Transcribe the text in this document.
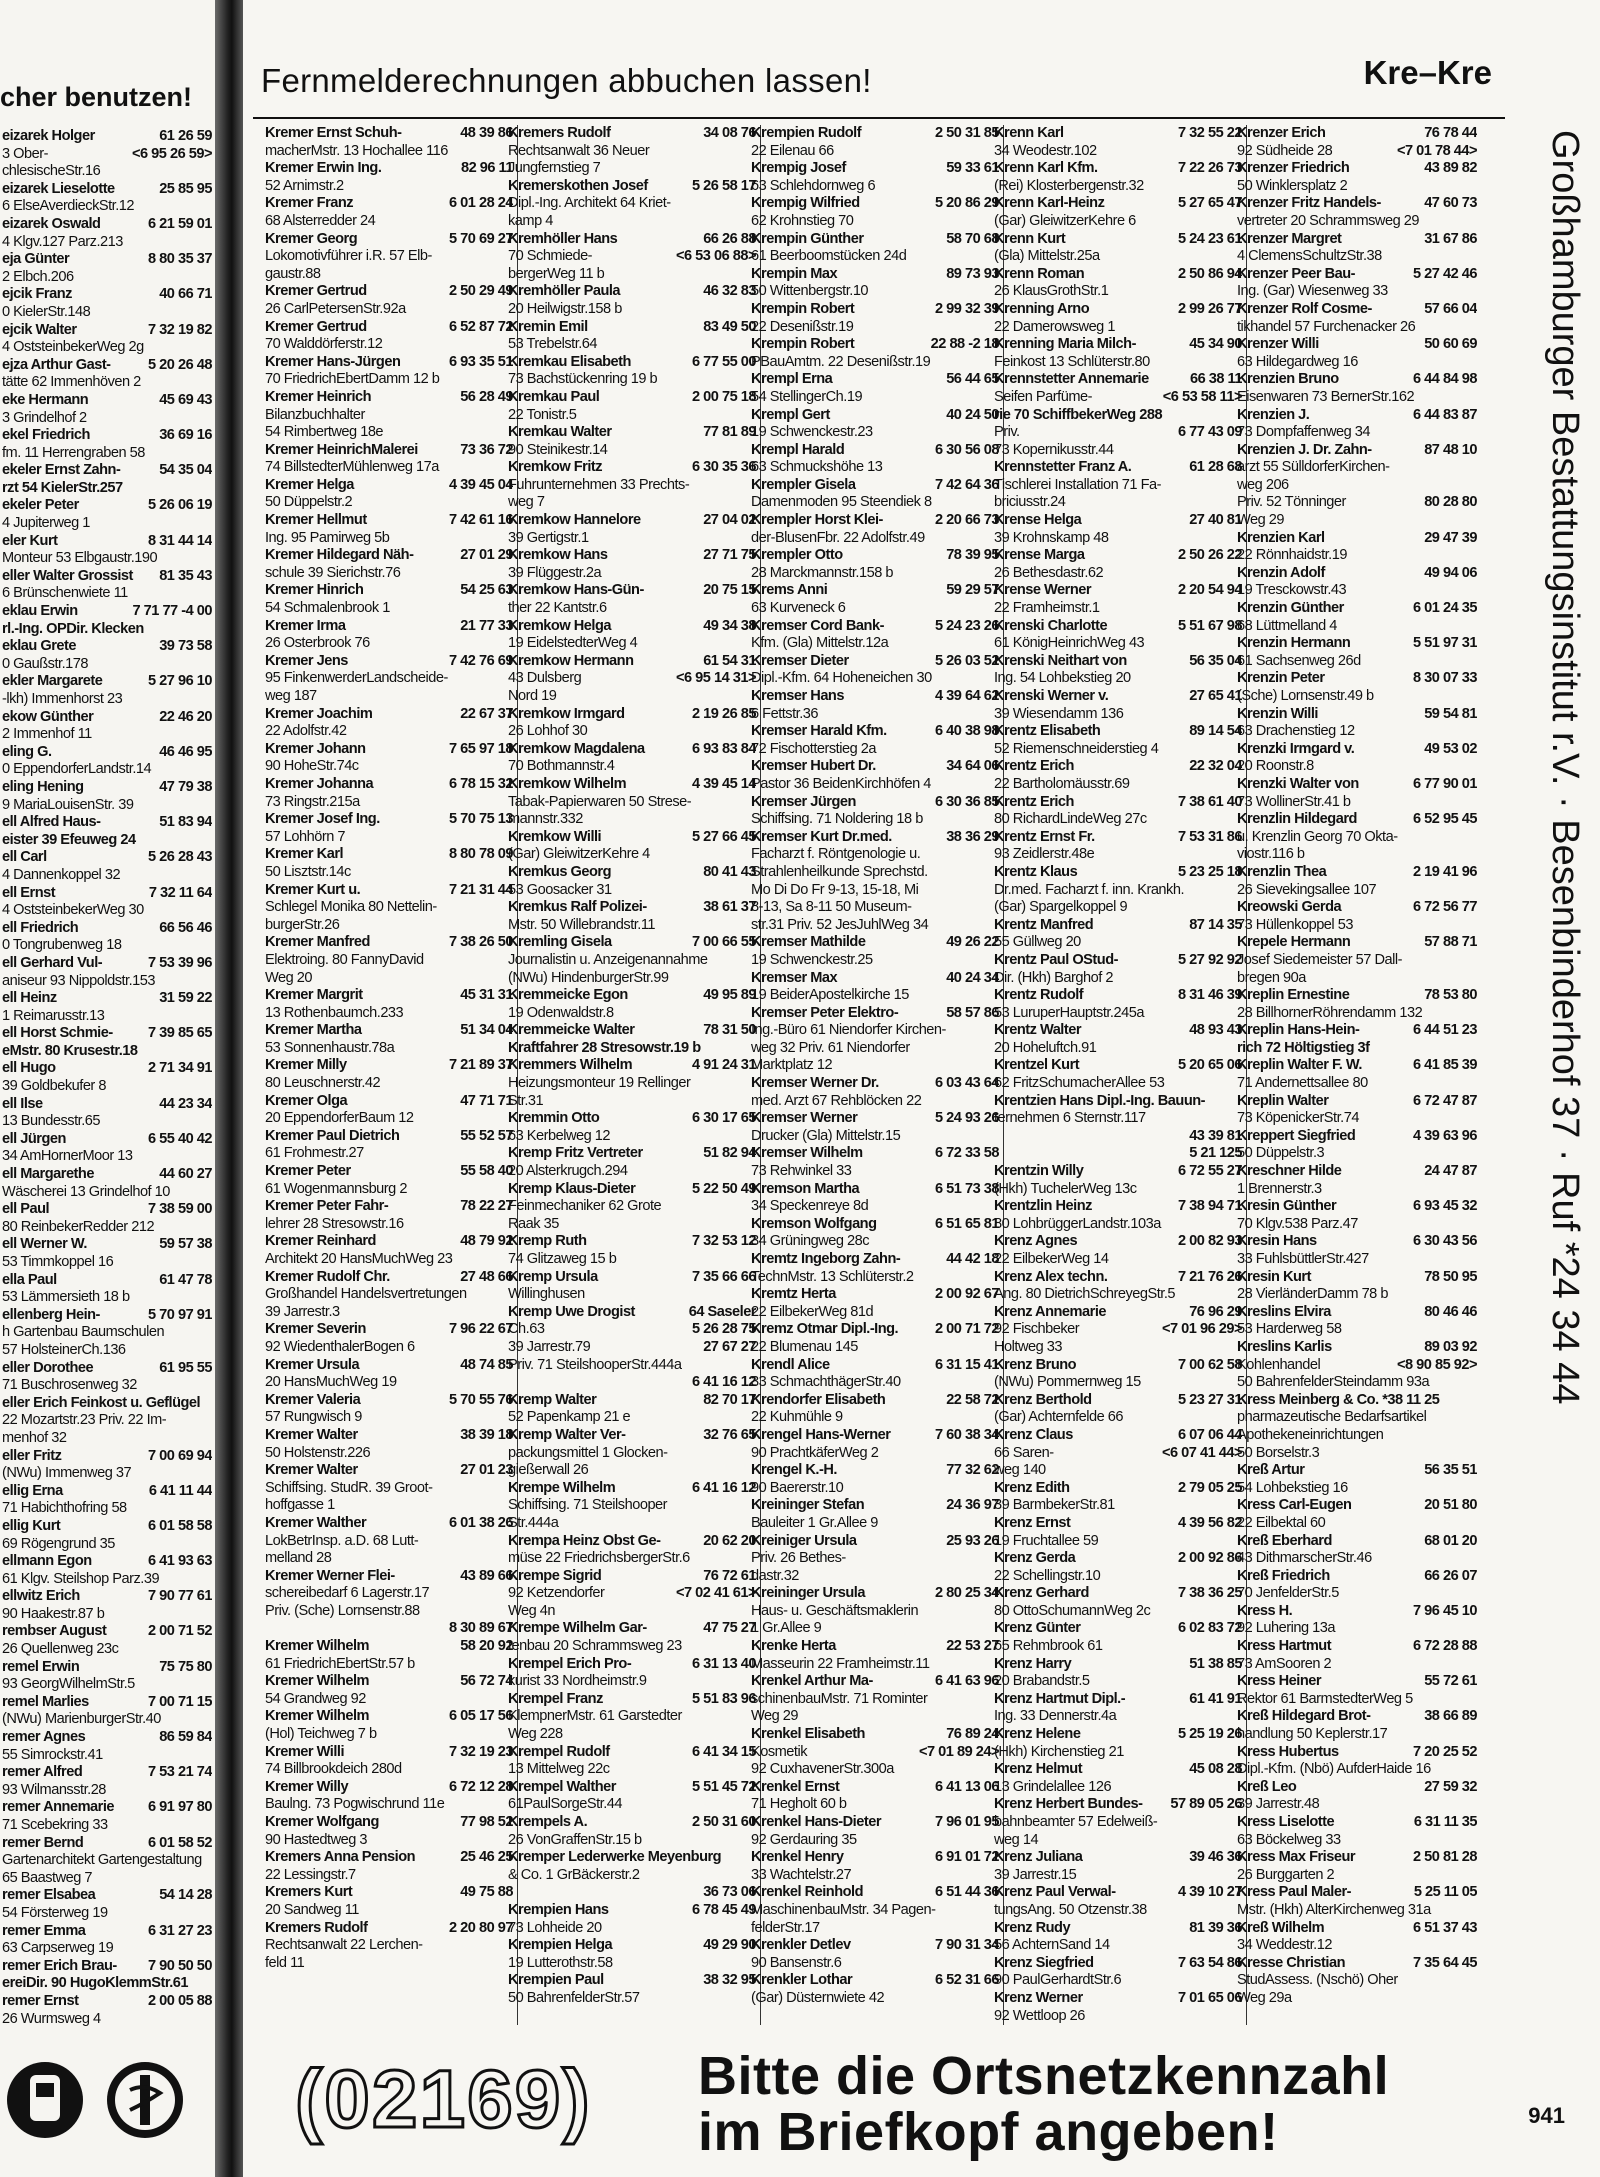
cher benutzen!
61 26 59
eizarek Holger
<6 95 26 59>
3 Ober-
chlesischeStr.16
25 85 95
eizarek Lieselotte
6 ElseAverdieckStr.12
6 21 59 01
eizarek Oswald
4 Klgv.127 Parz.213
8 80 35 37
eja Günter
2 Elbch.206
40 66 71
ejcik Franz
0 KielerStr.148
7 32 19 82
ejcik Walter
4 OststeinbekerWeg 2g
5 20 26 48
ejza Arthur Gast-
tätte 62 Immenhöven 2
45 69 43
eke Hermann
3 Grindelhof 2
36 69 16
ekel Friedrich
fm. 11 Herrengraben 58
54 35 04
ekeler Ernst Zahn-
rzt 54 KielerStr.257
5 26 06 19
ekeler Peter
4 Jupiterweg 1
8 31 44 14
eler Kurt
Monteur 53 Elbgaustr.190
81 35 43
eller Walter Grossist
6 Brünschenwiete 11
7 71 77 -4 00
eklau Erwin
rl.-Ing. OPDir. Klecken
39 73 58
eklau Grete
0 Gaußstr.178
5 27 96 10
ekler Margarete
-lkh) Immenhorst 23
22 46 20
ekow Günther
2 Immenhof 11
46 46 95
eling G.
0 EppendorferLandstr.14
47 79 38
eling Hening
9 MariaLouisenStr. 39
51 83 94
ell Alfred Haus-
eister 39 Efeuweg 24
5 26 28 43
ell Carl
4 Dannenkoppel 32
7 32 11 64
ell Ernst
4 OststeinbekerWeg 30
66 56 46
ell Friedrich
0 Tongrubenweg 18
7 53 39 96
ell Gerhard Vul-
aniseur 93 Nippoldstr.153
31 59 22
ell Heinz
1 Reimarusstr.13
7 39 85 65
ell Horst Schmie-
eMstr. 80 Krusestr.18
2 71 34 91
ell Hugo
39 Goldbekufer 8
44 23 34
ell Ilse
13 Bundesstr.65
6 55 40 42
ell Jürgen
34 AmHornerMoor 13
44 60 27
ell Margarethe
Wäscherei 13 Grindelhof 10
7 38 59 00
ell Paul
80 ReinbekerRedder 212
59 57 38
ell Werner W.
53 Timmkoppel 16
61 47 78
ella Paul
53 Lämmersieth 18 b
5 70 97 91
ellenberg Hein-
h Gartenbau Baumschulen
57 HolsteinerCh.136
61 95 55
eller Dorothee
71 Buschrosenweg 32
eller Erich Feinkost u. Geflügel
22 Mozartstr.23 Priv. 22 Im-
menhof 32
7 00 69 94
eller Fritz
(NWu) Immenweg 37
6 41 11 44
ellig Erna
71 Habichthofring 58
6 01 58 58
ellig Kurt
69 Rögengrund 35
6 41 93 63
ellmann Egon
61 Klgv. Steilshop Parz.39
7 90 77 61
ellwitz Erich
90 Haakestr.87 b
2 00 71 52
rembser August
26 Quellenweg 23c
75 75 80
remel Erwin
93 GeorgWilhelmStr.5
7 00 71 15
remel Marlies
(NWu) MarienburgerStr.40
86 59 84
remer Agnes
55 Simrockstr.41
7 53 21 74
remer Alfred
93 Wilmansstr.28
6 91 97 80
remer Annemarie
71 Scebekring 33
6 01 58 52
remer Bernd
Gartenarchitekt Gartengestaltung
65 Baastweg 7
54 14 28
remer Elsabea
54 Försterweg 19
6 31 27 23
remer Emma
63 Carpserweg 19
7 90 50 50
remer Erich Brau-
ereiDir. 90 HugoKlemmStr.61
2 00 05 88
remer Ernst
26 Wurmsweg 4
Fernmelderechnungen abbuchen lassen!	Kre–Kre
48 39 86
Kremer Ernst Schuh-
macherMstr. 13 Hochallee 116
82 96 11
Kremer Erwin Ing.
52 Arnimstr.2
6 01 28 24
Kremer Franz
68 Alsterredder 24
5 70 69 27
Kremer Georg
Lokomotivführer i.R. 57 Elb-
gaustr.88
2 50 29 49
Kremer Gertrud
26 CarlPetersenStr.92a
6 52 87 72
Kremer Gertrud
70 Walddörferstr.12
6 93 35 51
Kremer Hans-Jürgen
70 FriedrichEbertDamm 12 b
56 28 49
Kremer Heinrich
Bilanzbuchhalter
54 Rimbertweg 18e
73 36 72
Kremer HeinrichMalerei
74 BillstedterMühlenweg 17a
4 39 45 04
Kremer Helga
50 Düppelstr.2
7 42 61 16
Kremer Hellmut
Ing. 95 Pamirweg 5b
27 01 29
Kremer Hildegard Näh-
schule 39 Sierichstr.76
54 25 63
Kremer Hinrich
54 Schmalenbrook 1
21 77 33
Kremer Irma
26 Osterbrook 76
7 42 76 69
Kremer Jens
95 FinkenwerderLandscheide-
weg 187
22 67 37
Kremer Joachim
22 Adolfstr.42
7 65 97 18
Kremer Johann
90 HoheStr.74c
6 78 15 32
Kremer Johanna
73 Ringstr.215a
5 70 75 13
Kremer Josef Ing.
57 Lohhörn 7
8 80 78 09
Kremer Karl
50 Lisztstr.14c
7 21 31 44
Kremer Kurt u.
Schlegel Monika 80 Nettelin-
burgerStr.26
7 38 26 50
Kremer Manfred
Elektroing. 80 FannyDavid
Weg 20
45 31 31
Kremer Margrit
13 Rothenbaumch.233
51 34 04
Kremer Martha
53 Sonnenhaustr.78a
7 21 89 37
Kremer Milly
80 Leuschnerstr.42
47 71 71
Kremer Olga
20 EppendorferBaum 12
55 52 57
Kremer Paul Dietrich
61 Frohmestr.27
55 58 40
Kremer Peter
61 Wogenmannsburg 2
78 22 27
Kremer Peter Fahr-
lehrer 28 Stresowstr.16
48 79 92
Kremer Reinhard
Architekt 20 HansMuchWeg 23
27 48 66
Kremer Rudolf Chr.
Großhandel Handelsvertretungen
39 Jarrestr.3
7 96 22 67
Kremer Severin
92 WiedenthalerBogen 6
48 74 85
Kremer Ursula
20 HansMuchWeg 19
5 70 55 76
Kremer Valeria
57 Rungwisch 9
38 39 18
Kremer Walter
50 Holstenstr.226
27 01 23
Kremer Walter
Schiffsing. StudR. 39 Groot-
hoffgasse 1
6 01 38 26
Kremer Walther
LokBetrInsp. a.D. 68 Lutt-
melland 28
43 89 66
Kremer Werner Flei-
schereibedarf 6 Lagerstr.17
Priv. (Sche) Lornsenstr.88
8 30 89 67
58 20 92
Kremer Wilhelm
61 FriedrichEbertStr.57 b
56 72 74
Kremer Wilhelm
54 Grandweg 92
6 05 17 56
Kremer Wilhelm
(Hol) Teichweg 7 b
7 32 19 23
Kremer Willi
74 Billbrookdeich 280d
6 72 12 28
Kremer Willy
Baulng. 73 Pogwischrund 11e
77 98 52
Kremer Wolfgang
90 Hastedtweg 3
25 46 25
Kremers Anna Pension
22 Lessingstr.7
49 75 88
Kremers Kurt
20 Sandweg 11
2 20 80 97
Kremers Rudolf
Rechtsanwalt 22 Lerchen-
feld 11
34 08 76
Kremers Rudolf
Rechtsanwalt 36 Neuer
Jungfernstieg 7
5 26 58 17
Kremerskothen Josef
Dipl.-Ing. Architekt 64 Kriet-
kamp 4
66 26 88
Kremhöller Hans
<6 53 06 88>
70 Schmiede-
bergerWeg 11 b
46 32 83
Kremhöller Paula
20 Heilwigstr.158 b
83 49 50
Kremin Emil
53 Trebelstr.64
6 77 55 00
Kremkau Elisabeth
73 Bachstückenring 19 b
2 00 75 18
Kremkau Paul
22 Tonistr.5
77 81 89
Kremkau Walter
90 Steinikestr.14
6 30 35 36
Kremkow Fritz
Fuhrunternehmen 33 Prechts-
weg 7
27 04 02
Kremkow Hannelore
39 Gertigstr.1
27 71 75
Kremkow Hans
39 Flüggestr.2a
20 75 15
Kremkow Hans-Gün-
ther 22 Kantstr.6
49 34 38
Kremkow Helga
19 EidelstedterWeg 4
61 54 31
Kremkow Hermann
<6 95 14 31>
43 Dulsberg
Nord 19
2 19 26 85
Kremkow Irmgard
26 Lohhof 30
6 93 83 84
Kremkow Magdalena
70 Bothmannstr.4
4 39 45 14
Kremkow Wilhelm
Tabak-Papierwaren 50 Strese-
mannstr.332
5 27 66 45
Kremkow Willi
(Gar) GleiwitzerKehre 4
80 41 43
Kremkus Georg
53 Goosacker 31
38 61 37
Kremkus Ralf Polizei-
Mstr. 50 Willebrandstr.11
7 00 66 55
Kremling Gisela
Journalistin u. Anzeigenannahme
(NWu) HindenburgerStr.99
49 95 89
Kremmeicke Egon
19 Odenwaldstr.8
78 31 50
Kremmeicke Walter
Kraftfahrer 28 Stresowstr.19 b
4 91 24 31
Kremmers Wilhelm
Heizungsmonteur 19 Rellinger
Str.31
6 30 17 65
Kremmin Otto
63 Kerbelweg 12
51 82 94
Kremp Fritz Vertreter
20 Alsterkrugch.294
5 22 50 49
Kremp Klaus-Dieter
Feinmechaniker 62 Grote
Raak 35
7 32 53 12
Kremp Ruth
74 Glitzaweg 15 b
7 35 66 66
Kremp Ursula
Willinghusen
64 Saseler
Kremp Uwe Drogist
5 26 28 75
Ch.63
27 67 27
39 Jarrestr.79
Priv. 71 SteilshooperStr.444a
6 41 16 12
82 70 17
Kremp Walter
52 Papenkamp 21 e
32 76 65
Kremp Walter Ver-
packungsmittel 1 Glocken-
gießerwall 26
6 41 16 12
Krempe Wilhelm
Schiffsing. 71 Steilshooper
Str.444a
20 62 20
Krempa Heinz Obst Ge-
müse 22 FriedrichsbergerStr.6
76 72 61
Krempe Sigrid
<7 02 41 61>
92 Ketzendorfer
Weg 4n
47 75 27
Krempe Wilhelm Gar-
tenbau 20 Schrammsweg 23
6 31 13 40
Krempel Erich Pro-
kurist 33 Nordheimstr.9
5 51 83 96
Krempel Franz
KlempnerMstr. 61 Garstedter
Weg 228
6 41 34 15
Krempel Rudolf
13 Mittelweg 22c
5 51 45 72
Krempel Walther
61PaulSorgeStr.44
2 50 31 60
Krempels A.
26 VonGraffenStr.15 b
Kremper Lederwerke Meyenburg
& Co. 1 GrBäckerstr.2
36 73 06
6 78 45 49
Krempien Hans
73 Lohheide 20
49 29 90
Krempien Helga
19 Lutterothstr.58
38 32 95
Krempien Paul
50 BahrenfelderStr.57
2 50 31 85
Krempien Rudolf
22 Eilenau 66
59 33 61
Krempig Josef
63 Schlehdornweg 6
5 20 86 29
Krempig Wilfried
62 Krohnstieg 70
58 70 68
Krempin Günther
61 Beerboomstücken 24d
89 73 93
Krempin Max
50 Wittenbergstr.10
2 99 32 39
Krempin Robert
22 Desenißstr.19
22 88 -2 18
Krempin Robert
PBauAmtm. 22 Desenißstr.19
56 44 65
Krempl Erna
54 StellingerCh.19
40 24 50
Krempl Gert
19 Schwenckestr.23
6 30 56 08
Krempl Harald
63 Schmuckshöhe 13
7 42 64 36
Krempler Gisela
Damenmoden 95 Steendiek 8
2 20 66 73
Krempler Horst Klei-
der-BlusenFbr. 22 Adolfstr.49
78 39 95
Krempler Otto
28 Marckmannstr.158 b
59 29 57
Krems Anni
63 Kurveneck 6
5 24 23 26
Kremser Cord Bank-
Kfm. (Gla) Mittelstr.12a
5 26 03 52
Kremser Dieter
Dipl.-Kfm. 64 Hoheneichen 30
4 39 64 62
Kremser Hans
6 Fettstr.36
6 40 38 98
Kremser Harald Kfm.
72 Fischotterstieg 2a
34 64 06
Kremser Hubert Dr.
Pastor 36 BeidenKirchhöfen 4
6 30 36 85
Kremser Jürgen
Schiffsing. 71 Noldering 18 b
38 36 29
Kremser Kurt Dr.med.
Facharzt f. Röntgenologie u.
Strahlenheilkunde Sprechstd.
Mo Di Do Fr 9-13, 15-18, Mi
8-13, Sa 8-11 50 Museum-
str.31 Priv. 52 JesJuhlWeg 34
49 26 22
Kremser Mathilde
19 Schwenckestr.25
40 24 34
Kremser Max
19 BeiderApostelkirche 15
58 57 86
Kremser Peter Elektro-
Ing.-Büro 61 Niendorfer Kirchen-
weg 32 Priv. 61 Niendorfer
Marktplatz 12
6 03 43 64
Kremser Werner Dr.
med. Arzt 67 Rehblöcken 22
5 24 93 26
Kremser Werner
Drucker (Gla) Mittelstr.15
6 72 33 58
Kremser Wilhelm
73 Rehwinkel 33
6 51 73 38
Kremson Martha
34 Speckenreye 8d
6 51 65 81
Kremson Wolfgang
34 Grüningweg 28c
44 42 18
Kremtz Ingeborg Zahn-
TechnMstr. 13 Schlüterstr.2
2 00 92 67
Kremtz Herta
22 EilbekerWeg 81d
2 00 71 72
Kremz Otmar Dipl.-Ing.
22 Blumenau 145
6 31 15 41
Krendl Alice
33 SchmachthägerStr.40
22 58 72
Krendorfer Elisabeth
22 Kuhmühle 9
7 60 38 34
Krengel Hans-Werner
90 PrachtkäferWeg 2
77 32 62
Krengel K.-H.
90 Baererstr.10
24 36 97
Kreininger Stefan
Bauleiter 1 Gr.Allee 9
25 93 26
Kreiniger Ursula
Priv. 26 Bethes-
dastr.32
2 80 25 34
Kreininger Ursula
Haus- u. Geschäftsmaklerin
1 Gr.Allee 9
22 53 27
Krenke Herta
Masseurin 22 Framheimstr.11
6 41 63 96
Krenkel Arthur Ma-
schinenbauMstr. 71 Rominter
Weg 29
76 89 24
Krenkel Elisabeth
<7 01 89 24>
Kosmetik
92 CuxhavenerStr.300a
6 41 13 06
Krenkel Ernst
71 Hegholt 60 b
7 96 01 95
Krenkel Hans-Dieter
92 Gerdauring 35
6 91 01 72
Krenkel Henry
33 Wachtelstr.27
6 51 44 36
Krenkel Reinhold
MaschinenbauMstr. 34 Pagen-
felderStr.17
7 90 31 34
Krenkler Detlev
90 Bansenstr.6
6 52 31 66
Krenkler Lothar
(Gar) Düsternwiete 42
7 32 55 22
Krenn Karl
34 Weodestr.102
7 22 26 73
Krenn Karl Kfm.
(Rei) Klosterbergenstr.32
5 27 65 47
Krenn Karl-Heinz
(Gar) GleiwitzerKehre 6
5 24 23 61
Krenn Kurt
(Gla) Mittelstr.25a
2 50 86 94
Krenn Roman
26 KlausGrothStr.1
2 99 26 77
Krenning Arno
22 Damerowsweg 1
45 34 90
Krenning Maria Milch-
Feinkost 13 Schlüterstr.80
66 38 11
Krennstetter Annemarie
<6 53 58 11>
Seifen Parfüme-
rie 70 SchiffbekerWeg 288
6 77 43 09
Priv.
73 Kopernikusstr.44
61 28 68
Krennstetter Franz A.
Tischlerei Installation 71 Fa-
briciusstr.24
27 40 81
Krense Helga
39 Krohnskamp 48
2 50 26 22
Krense Marga
26 Bethesdastr.62
2 20 54 94
Krense Werner
22 Framheimstr.1
5 51 67 98
Krenski Charlotte
61 KönigHeinrichWeg 43
56 35 04
Krenski Neithart von
Ing. 54 Lohbekstieg 20
27 65 41
Krenski Werner v.
39 Wiesendamm 136
89 14 54
Krentz Elisabeth
52 Riemenschneiderstieg 4
22 32 04
Krentz Erich
22 Bartholomäusstr.69
7 38 61 40
Krentz Erich
80 RichardLindeWeg 27c
7 53 31 86
Krentz Ernst Fr.
93 Zeidlerstr.48e
5 23 25 18
Krentz Klaus
Dr.med. Facharzt f. inn. Krankh.
(Gar) Spargelkoppel 9
87 14 35
Krentz Manfred
55 Güllweg 20
5 27 92 92
Krentz Paul OStud-
Dir. (Hkh) Barghof 2
8 31 46 39
Krentz Rudolf
53 LuruperHauptstr.245a
48 93 43
Krentz Walter
20 Hoheluftch.91
5 20 65 06
Krentzel Kurt
62 FritzSchumacherAllee 53
Krentzien Hans Dipl.-Ing. Bauun-
ternehmen 6 Sternstr.117
43 39 81
5 21 125
6 72 55 27
Krentzin Willy
(Hkh) TuchelerWeg 13c
7 38 94 71
Krentzlin Heinz
80 LohbrüggerLandstr.103a
2 00 82 93
Krenz Agnes
22 EilbekerWeg 14
7 21 76 26
Krenz Alex techn.
Ang. 80 DietrichSchreyegStr.5
76 96 29
Krenz Annemarie
<7 01 96 29>
92 Fischbeker
Holtweg 33
7 00 62 58
Krenz Bruno
(NWu) Pommernweg 15
5 23 27 31
Krenz Berthold
(Gar) Achternfelde 66
6 07 06 44
Krenz Claus
<6 07 41 44>
66 Saren-
weg 140
2 79 05 25
Krenz Edith
39 BarmbekerStr.81
4 39 56 82
Krenz Ernst
19 Fruchtallee 59
2 00 92 86
Krenz Gerda
22 Schellingstr.10
7 38 36 25
Krenz Gerhard
80 OttoSchumannWeg 2c
6 02 83 72
Krenz Günter
65 Rehmbrook 61
51 38 85
Krenz Harry
20 Brabandstr.5
61 41 91
Krenz Hartmut Dipl.-
Ing. 33 Dennerstr.4a
5 25 19 26
Krenz Helene
(Hkh) Kirchenstieg 21
45 08 28
Krenz Helmut
13 Grindelallee 126
57 89 05 26
Krenz Herbert Bundes-
bahnbeamter 57 Edelweiß-
weg 14
39 46 36
Krenz Juliana
39 Jarrestr.15
4 39 10 27
Krenz Paul Verwal-
tungsAng. 50 Otzenstr.38
81 39 36
Krenz Rudy
56 AchternSand 14
7 63 54 86
Krenz Siegfried
90 PaulGerhardtStr.6
7 01 65 06
Krenz Werner
92 Wettloop 26
76 78 44
Krenzer Erich
<7 01 78 44>
92 Südheide 28
43 89 82
Krenzer Friedrich
50 Winklersplatz 2
47 60 73
Krenzer Fritz Handels-
vertreter 20 Schrammsweg 29
31 67 86
Krenzer Margret
4 ClemensSchultzStr.38
5 27 42 46
Krenzer Peer Bau-
Ing. (Gar) Wiesenweg 33
57 66 04
Krenzer Rolf Cosme-
tikhandel 57 Furchenacker 26
50 60 69
Krenzer Willi
63 Hildegardweg 16
6 44 84 98
Krenzien Bruno
Eisenwaren 73 BernerStr.162
6 44 83 87
Krenzien J.
73 Dompfaffenweg 34
87 48 10
Krenzien J. Dr. Zahn-
arzt 55 SülldorferKirchen-
weg 206
80 28 80
Priv. 52 Tönninger
Weg 29
29 47 39
Krenzien Karl
22 Rönnhaidstr.19
49 94 06
Krenzin Adolf
19 Tresckowstr.43
6 01 24 35
Krenzin Günther
68 Lüttmelland 4
5 51 97 31
Krenzin Hermann
61 Sachsenweg 26d
8 30 07 33
Krenzin Peter
(Sche) Lornsenstr.49 b
59 54 81
Krenzin Willi
63 Drachenstieg 12
49 53 02
Krenzki Irmgard v.
20 Roonstr.8
6 77 90 01
Krenzki Walter von
73 WollinerStr.41 b
6 52 95 45
Krenzlin Hildegard
u. Krenzlin Georg 70 Okta-
viostr.116 b
2 19 41 96
Krenzlin Thea
26 Sievekingsallee 107
6 72 56 77
Kreowski Gerda
73 Hüllenkoppel 53
57 88 71
Krepele Hermann
Josef Siedemeister 57 Dall-
bregen 90a
78 53 80
Kreplin Ernestine
28 BillhornerRöhrendamm 132
6 44 51 23
Kreplin Hans-Hein-
rich 72 Höltigstieg 3f
6 41 85 39
Kreplin Walter F. W.
71 Andernettsallee 80
6 72 47 87
Kreplin Walter
73 KöpenickerStr.74
4 39 63 96
Kreppert Siegfried
50 Düppelstr.3
24 47 87
Kreschner Hilde
1 Brennerstr.3
6 93 45 32
Kresin Günther
70 Klgv.538 Parz.47
6 30 43 56
Kresin Hans
33 FuhlsbüttlerStr.427
78 50 95
Kresin Kurt
28 VierländerDamm 78 b
80 46 46
Kreslins Elvira
53 Harderweg 58
89 03 92
Kreslins Karlis
<8 90 85 92>
Kohlenhandel
50 BahrenfelderSteindamm 93a
Kress Meinberg & Co. *38 11 25
pharmazeutische Bedarfsartikel
Apothekeneinrichtungen
50 Borselstr.3
56 35 51
Kreß Artur
54 Lohbekstieg 16
20 51 80
Kress Carl-Eugen
22 Eilbektal 60
68 01 20
Kreß Eberhard
43 DithmarscherStr.46
66 26 07
Kreß Friedrich
70 JenfelderStr.5
7 96 45 10
Kress H.
92 Luhering 13a
6 72 28 88
Kress Hartmut
73 AmSooren 2
55 72 61
Kress Heiner
Rektor 61 BarmstedterWeg 5
38 66 89
Kreß Hildegard Brot-
handlung 50 Keplerstr.17
7 20 25 52
Kress Hubertus
Dipl.-Kfm. (Nbö) AufderHaide 16
27 59 32
Kreß Leo
39 Jarrestr.48
6 31 11 35
Kress Liselotte
63 Böckelweg 33
2 50 81 28
Kress Max Friseur
26 Burggarten 2
5 25 11 05
Kress Paul Maler-
Mstr. (Hkh) AlterKirchenweg 31a
6 51 37 43
Kreß Wilhelm
34 Weddestr.12
7 35 64 45
Kresse Christian
StudAssess. (Nschö) Oher
Weg 29a
Großhamburger Bestattungsinstitut r.V. · Besenbinderhof 37 · Ruf *24 34 44
(02169) Bitte die Ortsnetzkennzahl
im Briefkopf angeben!	941
